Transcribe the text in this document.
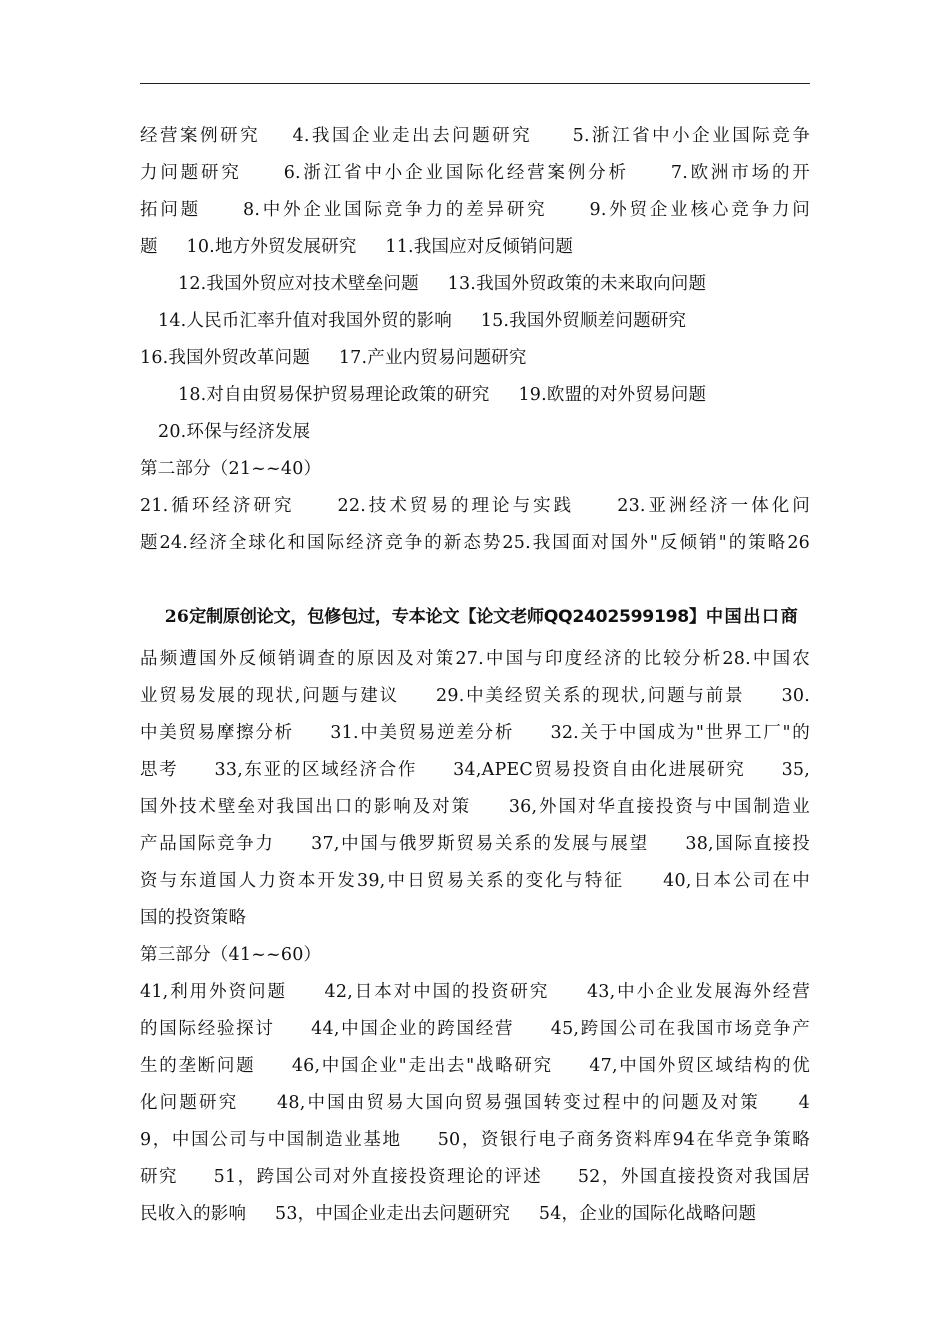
经营案例研究    4.我国企业走出去问题研究     5.浙江省中小企业国际竞争
力问题研究     6.浙江省中小企业国际化经营案例分析     7.欧洲市场的开
拓问题     8.中外企业国际竞争力的差异研究     9.外贸企业核心竞争力问
题     10.地方外贸发展研究     11.我国应对反倾销问题
12.我国外贸应对技术壁垒问题     13.我国外贸政策的未来取向问题
14.人民币汇率升值对我国外贸的影响     15.我国外贸顺差问题研究
16.我国外贸改革问题     17.产业内贸易问题研究
18.对自由贸易保护贸易理论政策的研究     19.欧盟的对外贸易问题
20.环保与经济发展
第二部分（21~~40）
21.循环经济研究     22.技术贸易的理论与实践     23.亚洲经济一体化问
题24.经济全球化和国际经济竞争的新态势25.我国面对国外"反倾销"的策略26

26定制原创论文，包修包过，专本论文【论文老师QQ2402599198】中国出口商

品频遭国外反倾销调查的原因及对策27.中国与印度经济的比较分析28.中国农
业贸易发展的现状,问题与建议     29.中美经贸关系的现状,问题与前景     30.
中美贸易摩擦分析     31.中美贸易逆差分析     32.关于中国成为"世界工厂"的
思考     33,东亚的区域经济合作     34,APEC贸易投资自由化进展研究     35,
国外技术壁垒对我国出口的影响及对策     36,外国对华直接投资与中国制造业
产品国际竞争力     37,中国与俄罗斯贸易关系的发展与展望     38,国际直接投
资与东道国人力资本开发39,中日贸易关系的变化与特征     40,日本公司在中
国的投资策略
第三部分（41~~60）
41,利用外资问题     42,日本对中国的投资研究     43,中小企业发展海外经营
的国际经验探讨     44,中国企业的跨国经营     45,跨国公司在我国市场竞争产
生的垄断问题     46,中国企业"走出去"战略研究     47,中国外贸区域结构的优
化问题研究     48,中国由贸易大国向贸易强国转变过程中的问题及对策     4
9，中国公司与中国制造业基地     50，资银行电子商务资料库94在华竞争策略
研究     51，跨国公司对外直接投资理论的评述     52，外国直接投资对我国居
民收入的影响     53，中国企业走出去问题研究     54，企业的国际化战略问题
